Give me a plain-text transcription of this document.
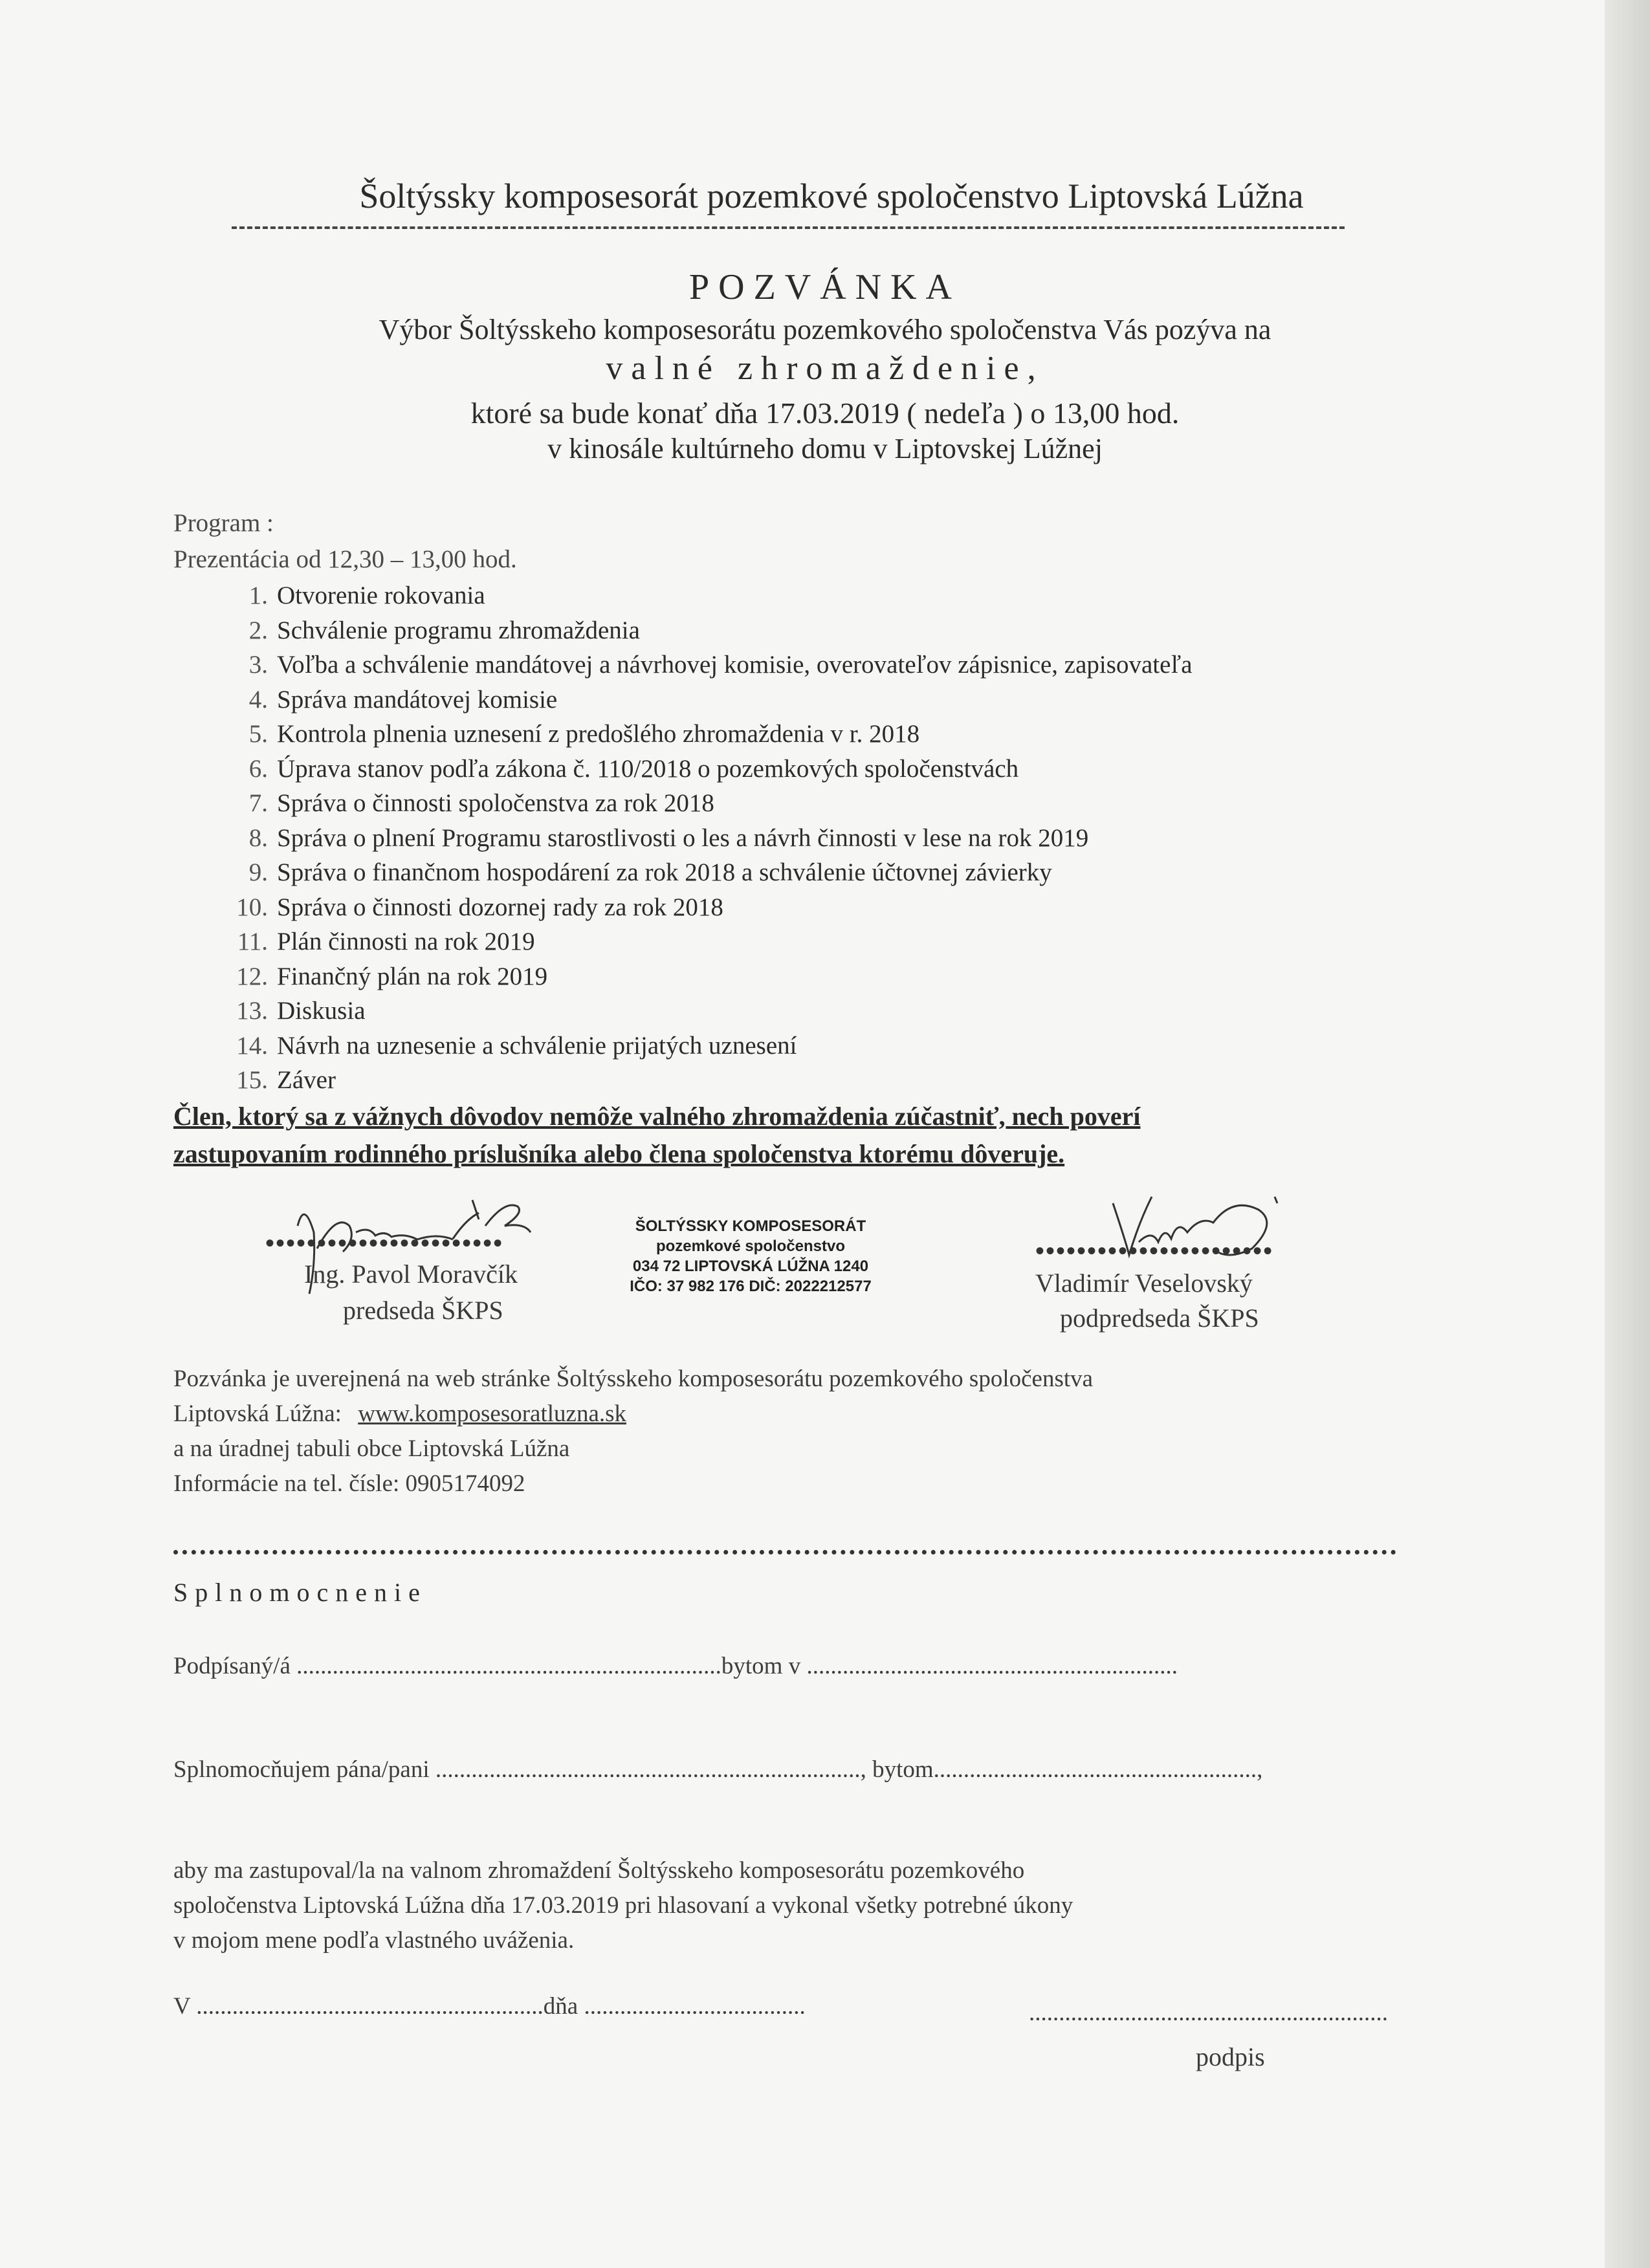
Šoltýssky komposesorát pozemkové spoločenstvo Liptovská Lúžna
POZVÁNKA
Výbor Šoltýsskeho komposesorátu pozemkového spoločenstva Vás pozýva na
valné zhromaždenie,
ktoré sa bude konať dňa 17.03.2019 ( nedeľa ) o 13,00 hod.
v kinosále kultúrneho domu v Liptovskej Lúžnej
Program :
Prezentácia od 12,30 – 13,00 hod.
1. Otvorenie rokovania
2. Schválenie programu zhromaždenia
3. Voľba a schválenie mandátovej a návrhovej komisie, overovateľov zápisnice, zapisovateľa
4. Správa mandátovej komisie
5. Kontrola plnenia uznesení z predošlého zhromaždenia v r. 2018
6. Úprava stanov podľa zákona č. 110/2018 o pozemkových spoločenstvách
7. Správa o činnosti spoločenstva za rok 2018
8. Správa o plnení Programu starostlivosti o les a návrh činnosti v lese na rok 2019
9. Správa o finančnom hospodárení za rok 2018 a schválenie účtovnej závierky
10. Správa o činnosti dozornej rady za rok 2018
11. Plán činnosti na rok 2019
12. Finančný plán na rok 2019
13. Diskusia
14. Návrh na uznesenie a schválenie prijatých uznesení
15. Záver
Člen, ktorý sa z vážnych dôvodov nemôže valného zhromaždenia zúčastniť, nech poverí
zastupovaním rodinného príslušníka alebo člena spoločenstva ktorému dôveruje.
•••••••••••••••••••••••
Ing. Pavol Moravčík
predseda ŠKPS
ŠOLTÝSSKY KOMPOSESORÁT
pozemkové spoločenstvo
034 72 LIPTOVSKÁ LÚŽNA 1240
IČO: 37 982 176 DIČ: 2022212577
•••••••••••••••••••••••
Vladimír Veselovský
podpredseda ŠKPS
Pozvánka je uverejnená na web stránke Šoltýsskeho komposesorátu pozemkového spoločenstva
Liptovská Lúžna: www.komposesoratluzna.sk
a na úradnej tabuli obce Liptovská Lúžna
Informácie na tel. čísle: 0905174092
Splnomocnenie
Podpísaný/á .......................................................................bytom v ..............................................................
Splnomocňujem pána/pani ......................................................................., bytom......................................................,
aby ma zastupoval/la na valnom zhromaždení Šoltýsskeho komposesorátu pozemkového
spoločenstva Liptovská Lúžna dňa 17.03.2019 pri hlasovaní a vykonal všetky potrebné úkony
v mojom mene podľa vlastného uváženia.
V ..........................................................dňa .....................................	............................................................
podpis
